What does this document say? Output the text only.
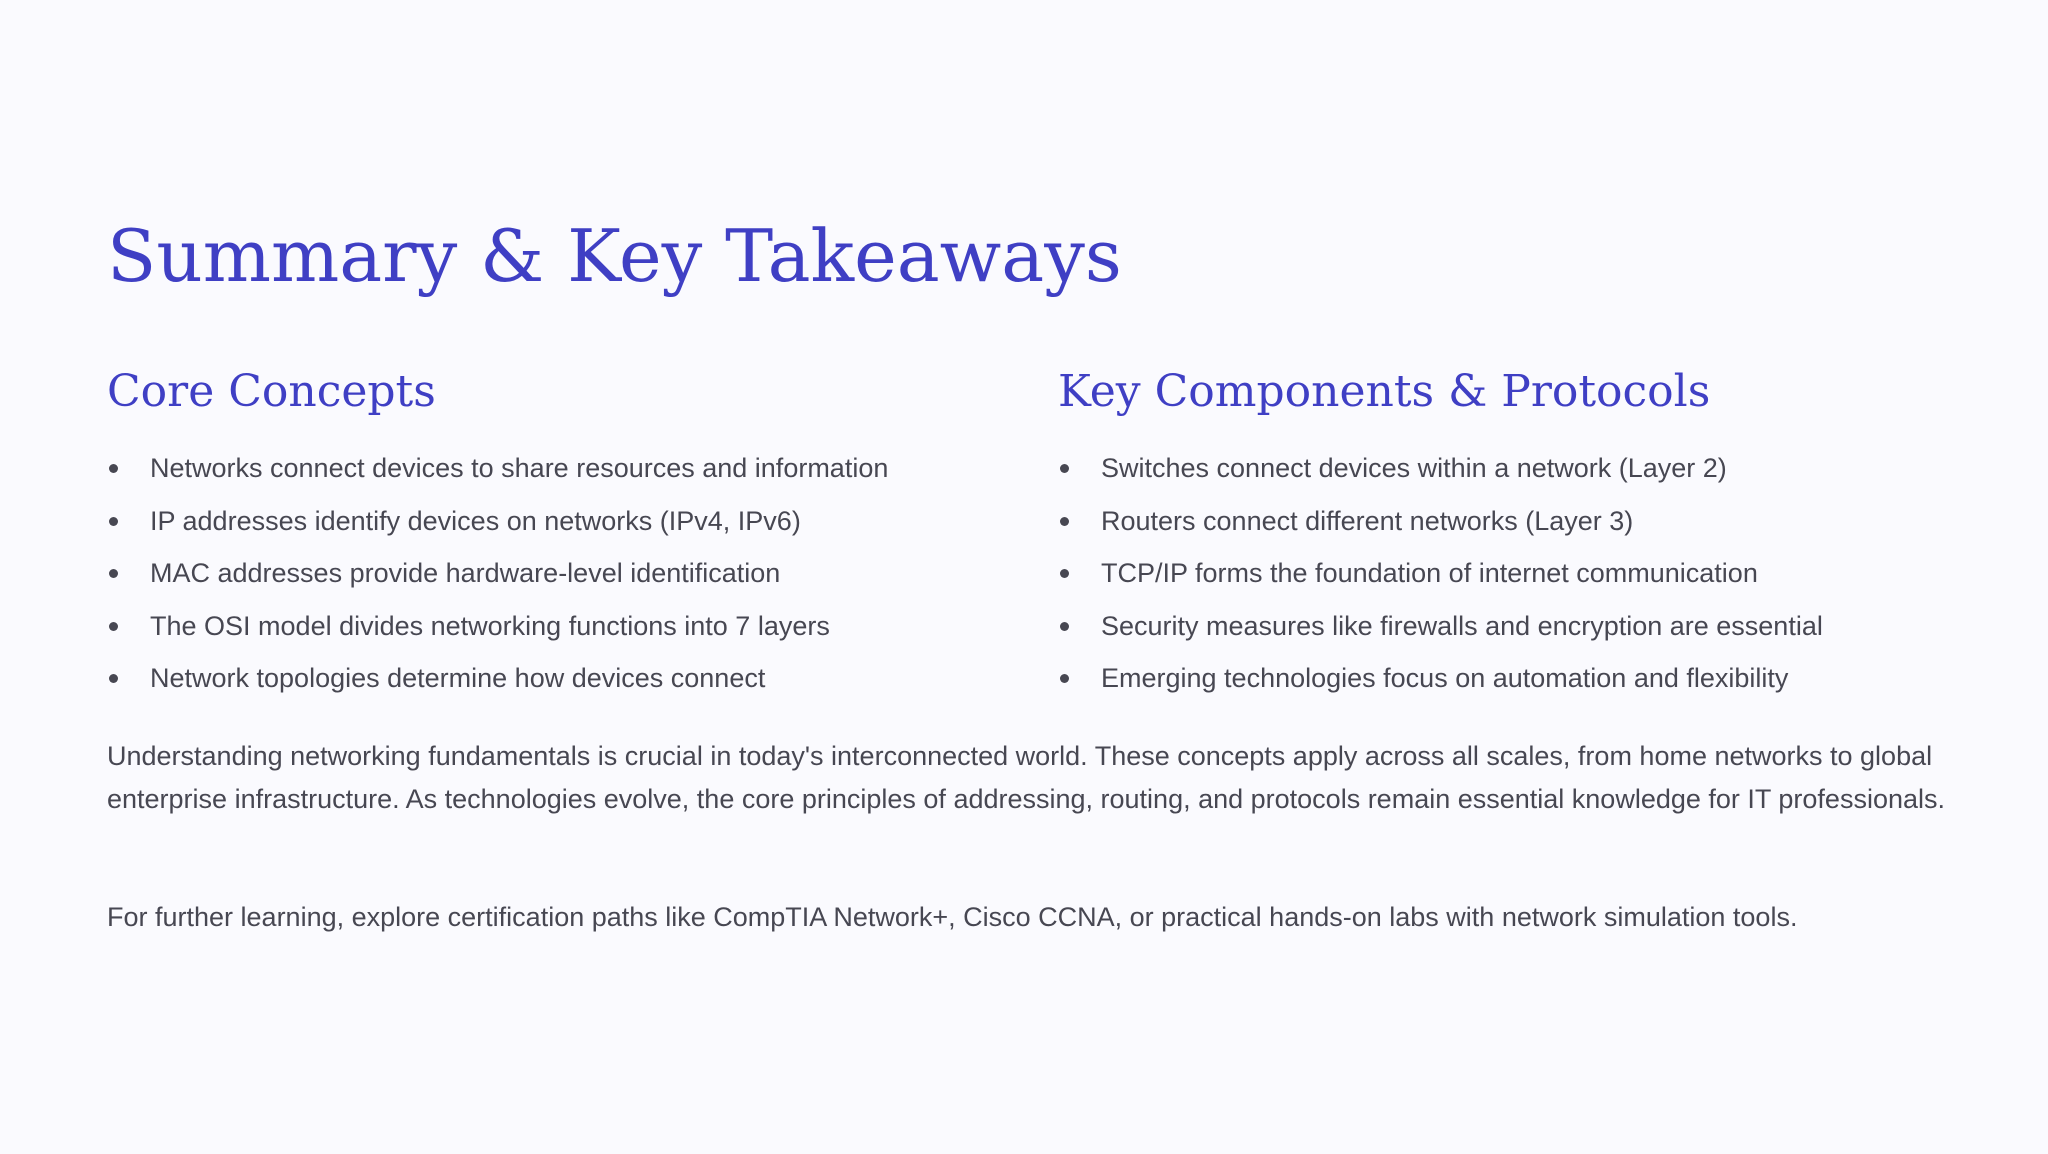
Summary & Key Takeaways
Core Concepts
Networks connect devices to share resources and information
IP addresses identify devices on networks (IPv4, IPv6)
MAC addresses provide hardware-level identification
The OSI model divides networking functions into 7 layers
Network topologies determine how devices connect
Key Components & Protocols
Switches connect devices within a network (Layer 2)
Routers connect different networks (Layer 3)
TCP/IP forms the foundation of internet communication
Security measures like firewalls and encryption are essential
Emerging technologies focus on automation and flexibility

Understanding networking fundamentals is crucial in today's interconnected world. These concepts apply across all scales, from home networks to global enterprise infrastructure. As technologies evolve, the core principles of addressing, routing, and protocols remain essential knowledge for IT professionals.

For further learning, explore certification paths like CompTIA Network+, Cisco CCNA, or practical hands-on labs with network simulation tools.
